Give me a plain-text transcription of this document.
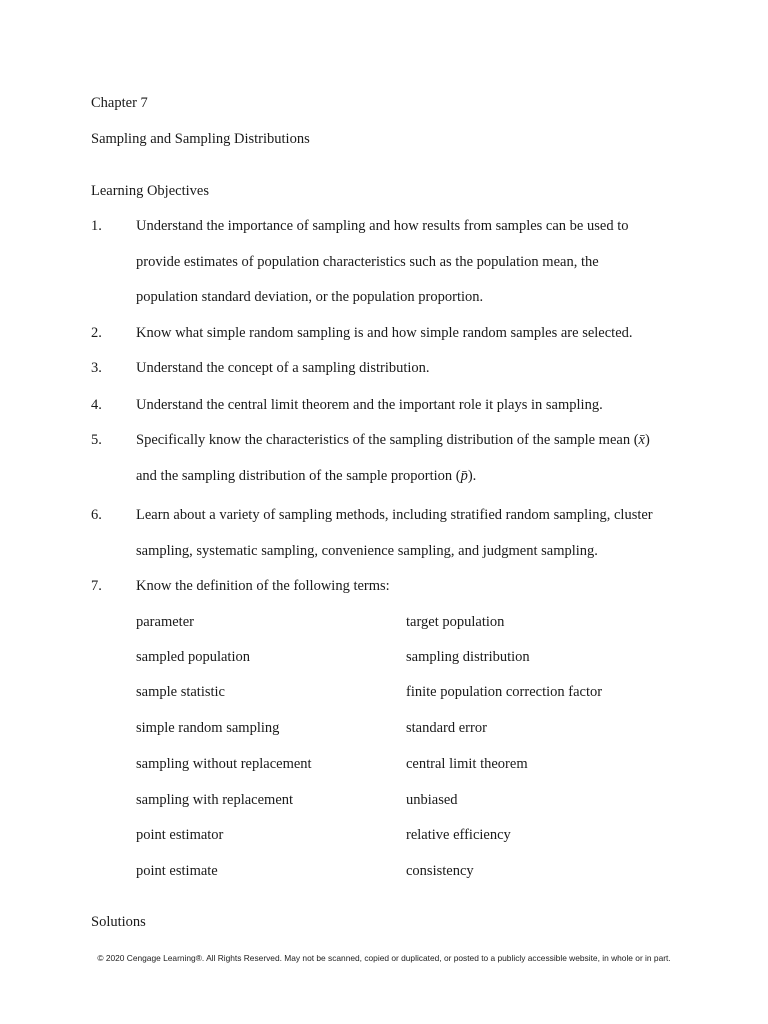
Chapter 7
Sampling and Sampling Distributions
Learning Objectives
1. Understand the importance of sampling and how results from samples can be used to
provide estimates of population characteristics such as the population mean, the
population standard deviation, or the population proportion.
2. Know what simple random sampling is and how simple random samples are selected.
3. Understand the concept of a sampling distribution.
4. Understand the central limit theorem and the important role it plays in sampling.
5. Specifically know the characteristics of the sampling distribution of the sample mean (x̄)
and the sampling distribution of the sample proportion (p̄).
6. Learn about a variety of sampling methods, including stratified random sampling, cluster
sampling, systematic sampling, convenience sampling, and judgment sampling.
7. Know the definition of the following terms:
parameter	target population
sampled population	sampling distribution
sample statistic	finite population correction factor
simple random sampling	standard error
sampling without replacement	central limit theorem
sampling with replacement	unbiased
point estimator	relative efficiency
point estimate	consistency
Solutions
© 2020 Cengage Learning®. All Rights Reserved. May not be scanned, copied or duplicated, or posted to a publicly accessible website, in whole or in part.
